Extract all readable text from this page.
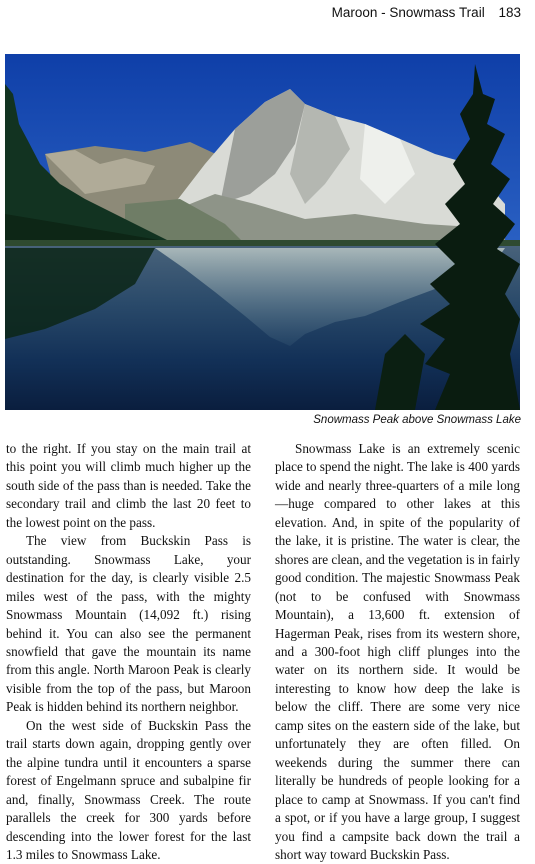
Maroon - Snowmass Trail 183
Snowmass Peak above Snowmass Lake

to the right. If you stay on the main trail at this point you will climb much higher up the south side of the pass than is needed. Take the secondary trail and climb the last 20 feet to the lowest point on the pass.

The view from Buckskin Pass is outstanding. Snowmass Lake, your destination for the day, is clearly visible 2.5 miles west of the pass, with the mighty Snowmass Mountain (14,092 ft.) rising behind it. You can also see the permanent snowfield that gave the mountain its name from this angle. North Maroon Peak is clearly visible from the top of the pass, but Maroon Peak is hidden behind its northern neighbor.

On the west side of Buckskin Pass the trail starts down again, dropping gently over the alpine tundra until it encounters a sparse forest of Engelmann spruce and subalpine fir and, finally, Snowmass Creek. The route parallels the creek for 300 yards before descending into the lower forest for the last 1.3 miles to Snowmass Lake.

Snowmass Lake is an extremely scenic place to spend the night. The lake is 400 yards wide and nearly three-quarters of a mile long—huge compared to other lakes at this elevation. And, in spite of the popularity of the lake, it is pristine. The water is clear, the shores are clean, and the vegetation is in fairly good condition. The majestic Snowmass Peak (not to be confused with Snowmass Mountain), a 13,600 ft. extension of Hagerman Peak, rises from its western shore, and a 300-foot high cliff plunges into the water on its northern side. It would be interesting to know how deep the lake is below the cliff. There are some very nice camp sites on the eastern side of the lake, but unfortunately they are often filled. On weekends during the summer there can literally be hundreds of people looking for a place to camp at Snowmass. If you can't find a spot, or if you have a large group, I suggest you find a campsite back down the trail a short way toward Buckskin Pass.
